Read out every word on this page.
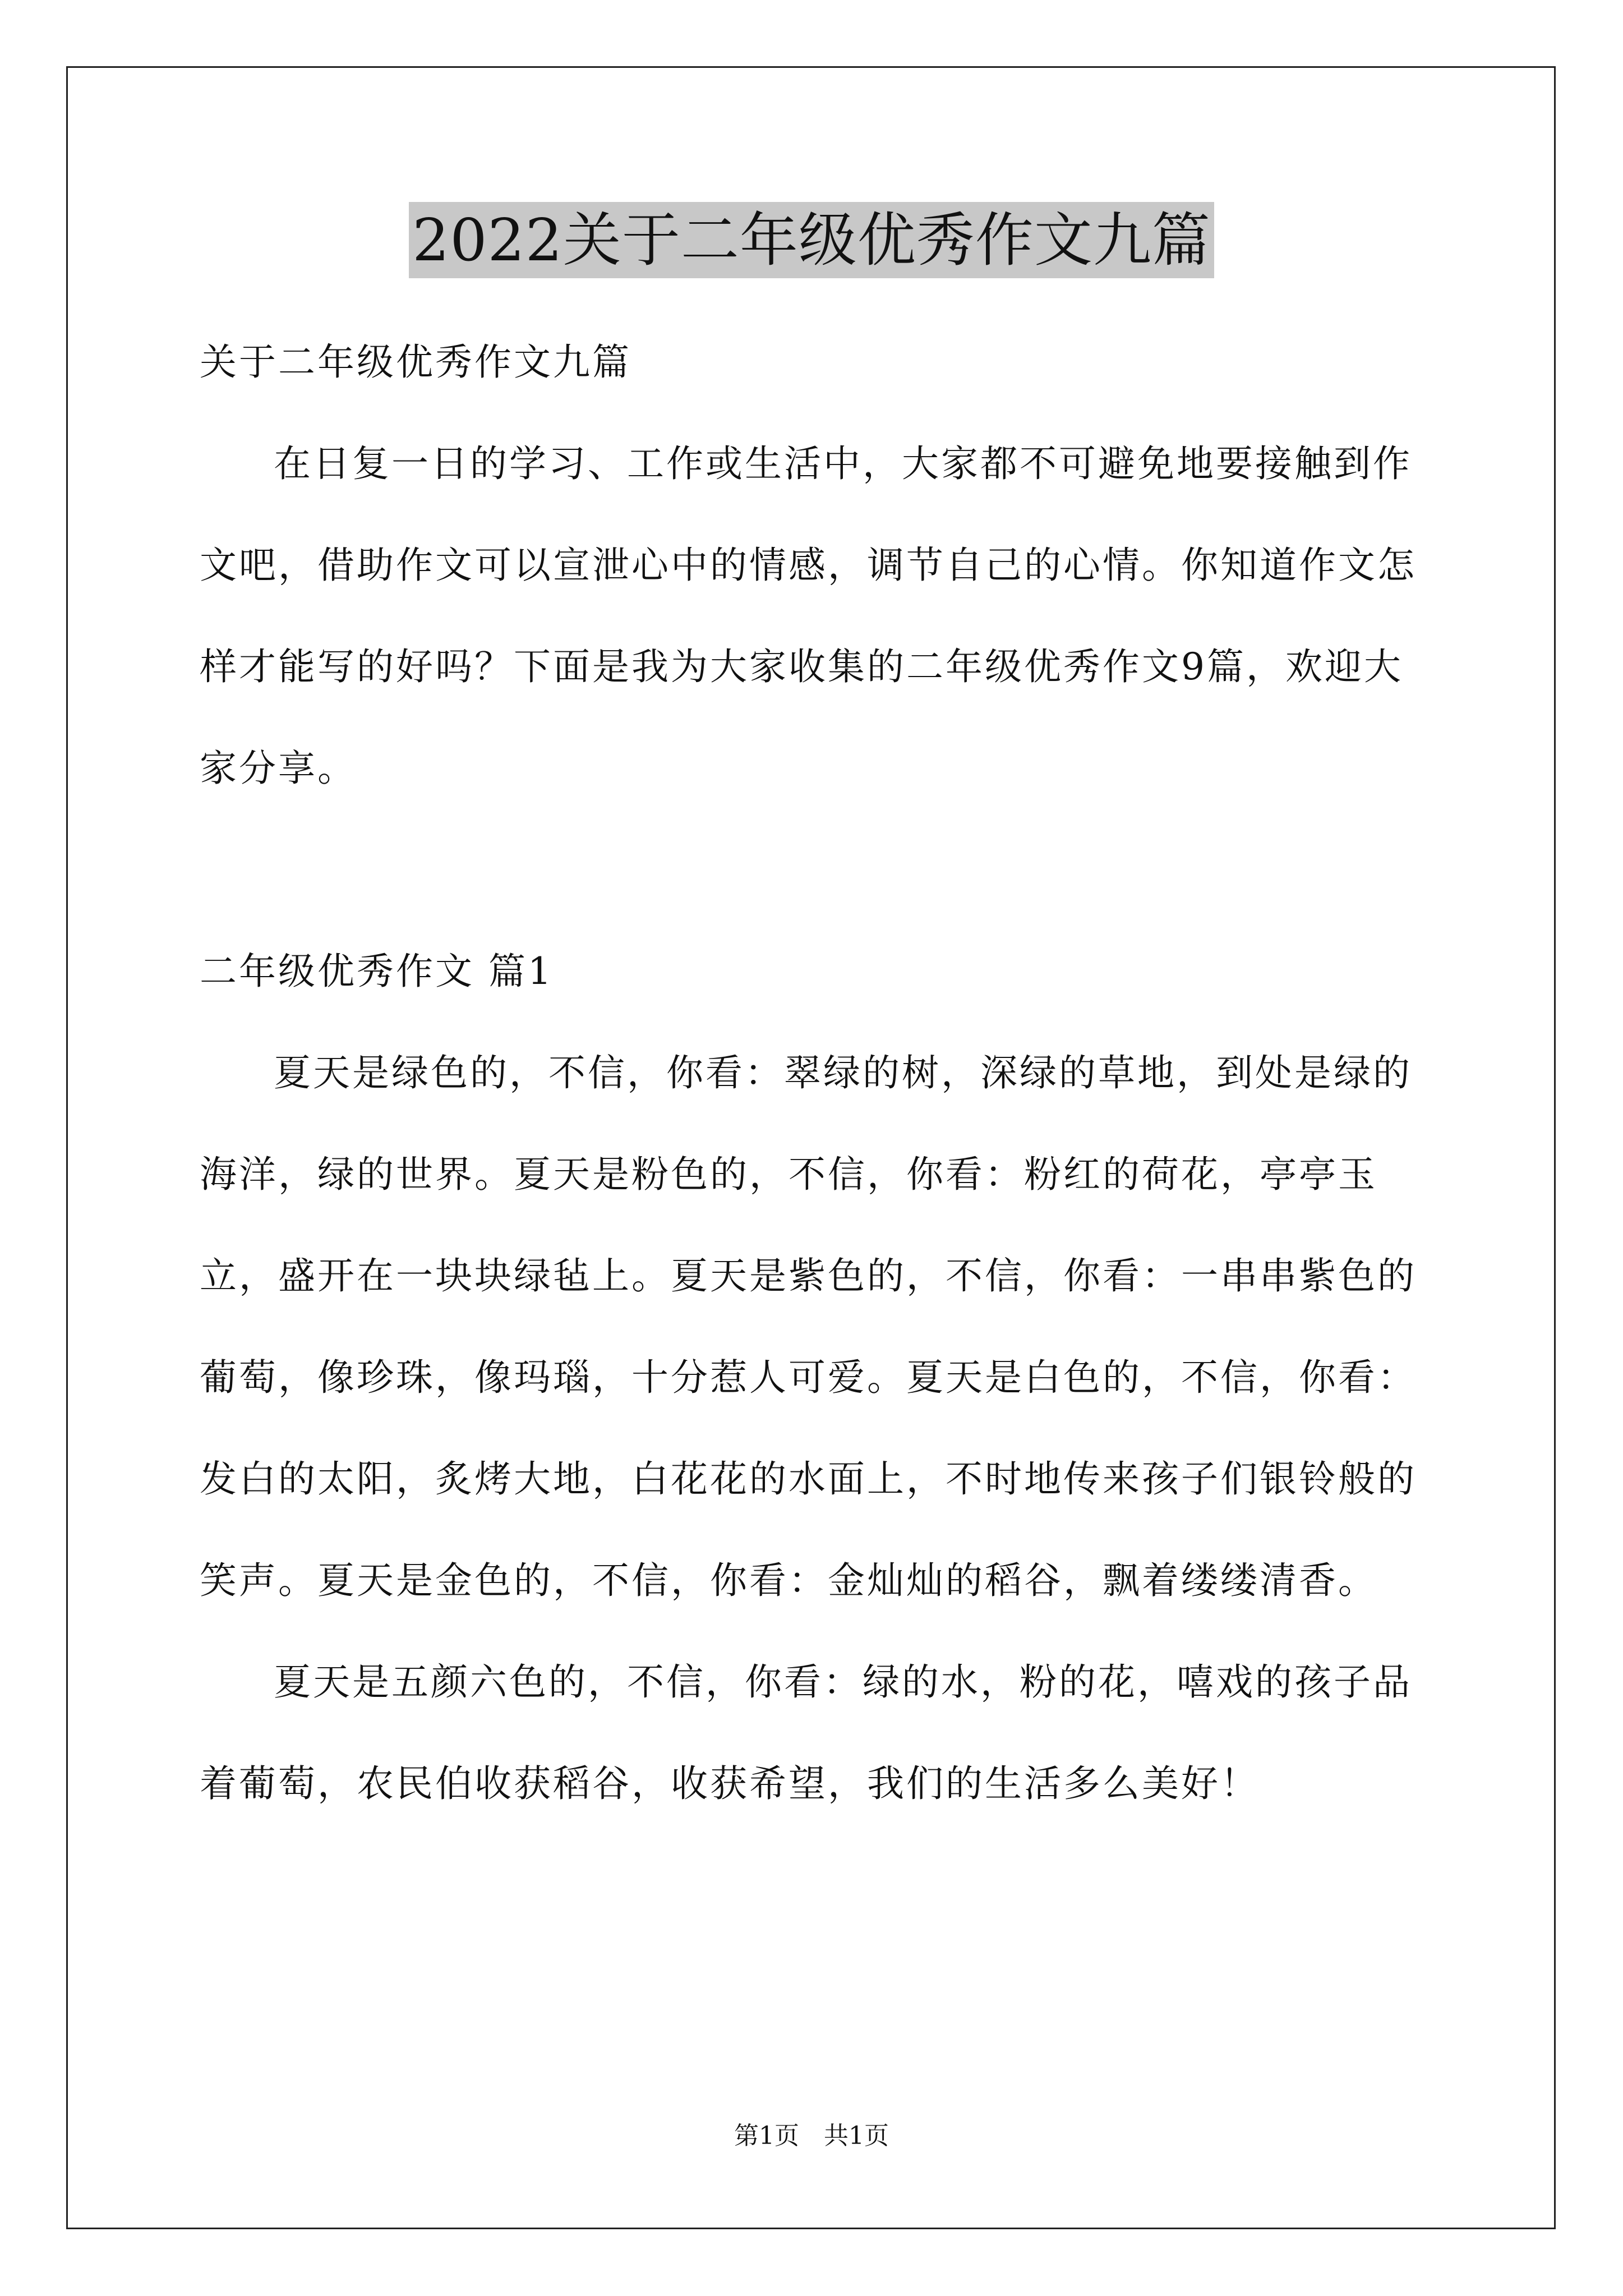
2022关于二年级优秀作文九篇

关于二年级优秀作文九篇

在日复一日的学习、工作或生活中，大家都不可避免地要接触到作文吧，借助作文可以宣泄心中的情感，调节自己的心情。你知道作文怎样才能写的好吗？下面是我为大家收集的二年级优秀作文9篇，欢迎大家分享。

二年级优秀作文 篇1

夏天是绿色的，不信，你看：翠绿的树，深绿的草地，到处是绿的海洋，绿的世界。夏天是粉色的，不信，你看：粉红的荷花，亭亭玉立，盛开在一块块绿毡上。夏天是紫色的，不信，你看：一串串紫色的葡萄，像珍珠，像玛瑙，十分惹人可爱。夏天是白色的，不信，你看：发白的太阳，炙烤大地，白花花的水面上，不时地传来孩子们银铃般的笑声。夏天是金色的，不信，你看：金灿灿的稻谷，飘着缕缕清香。

夏天是五颜六色的，不信，你看：绿的水，粉的花，嘻戏的孩子品着葡萄，农民伯收获稻谷，收获希望，我们的生活多么美好！

第1页　共1页
